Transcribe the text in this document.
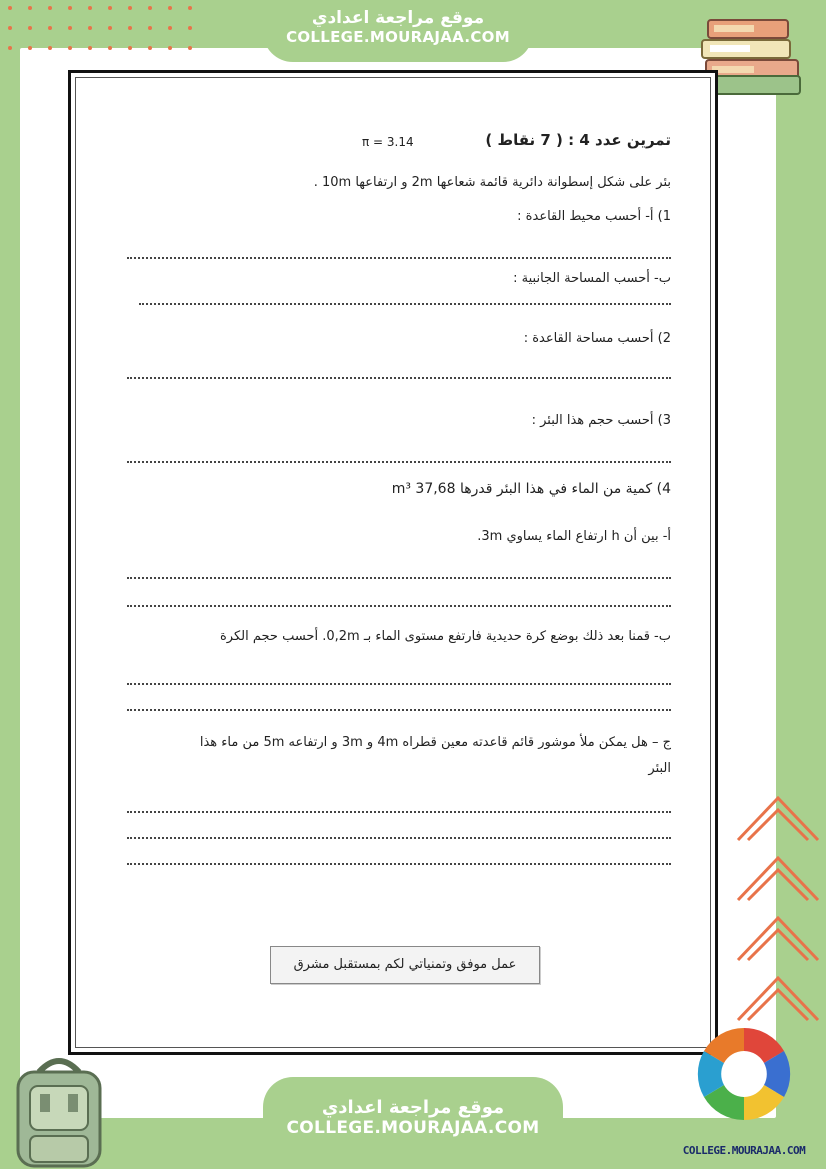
موقع مراجعة اعدادي
COLLEGE.MOURAJAA.COM
تمرين عدد 4 : ( 7 نقاط )
π = 3.14
بئر على شكل إسطوانة دائرية قائمة شعاعها 2m و ارتفاعها 10m .
1) أ- أحسب محيط القاعدة :
ب- أحسب المساحة الجانبية :
2) أحسب مساحة القاعدة :
3) أحسب حجم هذا البئر :
4) كمية من الماء في هذا البئر قدرها 37,68 m³
أ- بين أن h ارتفاع الماء يساوي 3m.
ب- قمنا بعد ذلك بوضع كرة حديدية فارتفع مستوى الماء بـ 0,2m. أحسب حجم الكرة
ج – هل يمكن ملأ موشور قائم قاعدته معين قطراه 4m و 3m و ارتفاعه 5m من ماء هذا
البئر
عمل موفق وتمنياتي لكم بمستقبل مشرق
موقع مراجعة اعدادي
COLLEGE.MOURAJAA.COM
COLLEGE.MOURAJAA.COM
